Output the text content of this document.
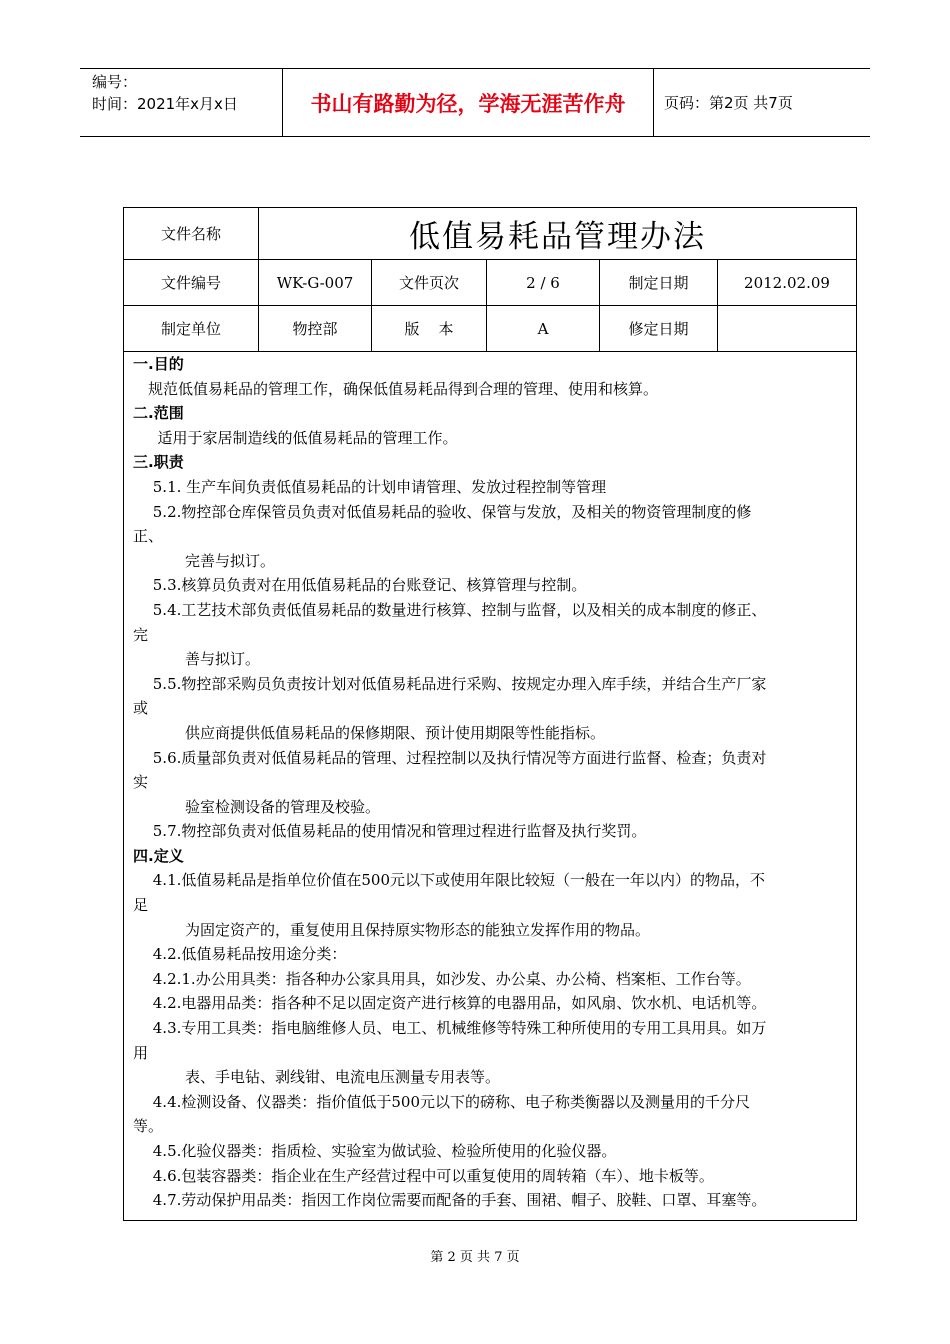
编号：
时间：2021年x月x日	书山有路勤为径，学海无涯苦作舟	页码：第2页 共7页
文件名称	低值易耗品管理办法
文件编号	WK-G-007	文件页次	2 / 6	制定日期	2012.02.09
制定单位	物控部	版    本	A	修定日期

一.目的

规范低值易耗品的管理工作，确保低值易耗品得到合理的管理、使用和核算。

二.范围

适用于家居制造线的低值易耗品的管理工作。

三.职责

5.1. 生产车间负责低值易耗品的计划申请管理、发放过程控制等管理

5.2.物控部仓库保管员负责对低值易耗品的验收、保管与发放，及相关的物资管理制度的修

正、

完善与拟订。

5.3.核算员负责对在用低值易耗品的台账登记、核算管理与控制。

5.4.工艺技术部负责低值易耗品的数量进行核算、控制与监督，以及相关的成本制度的修正、

完

善与拟订。

5.5.物控部采购员负责按计划对低值易耗品进行采购、按规定办理入库手续，并结合生产厂家

或

供应商提供低值易耗品的保修期限、预计使用期限等性能指标。

5.6.质量部负责对低值易耗品的管理、过程控制以及执行情况等方面进行监督、检查；负责对

实

验室检测设备的管理及校验。

5.7.物控部负责对低值易耗品的使用情况和管理过程进行监督及执行奖罚。

四.定义

4.1.低值易耗品是指单位价值在500元以下或使用年限比较短（一般在一年以内）的物品，不

足

为固定资产的，重复使用且保持原实物形态的能独立发挥作用的物品。

4.2.低值易耗品按用途分类：

4.2.1.办公用具类：指各种办公家具用具，如沙发、办公桌、办公椅、档案柜、工作台等。

4.2.电器用品类：指各种不足以固定资产进行核算的电器用品，如风扇、饮水机、电话机等。

4.3.专用工具类：指电脑维修人员、电工、机械维修等特殊工种所使用的专用工具用具。如万

用

表、手电钻、剥线钳、电流电压测量专用表等。

4.4.检测设备、仪器类：指价值低于500元以下的磅称、电子称类衡器以及测量用的千分尺

等。

4.5.化验仪器类：指质检、实验室为做试验、检验所使用的化验仪器。

4.6.包装容器类：指企业在生产经营过程中可以重复使用的周转箱（车）、地卡板等。

4.7.劳动保护用品类：指因工作岗位需要而配备的手套、围裙、帽子、胶鞋、口罩、耳塞等。

第 2 页 共 7 页
